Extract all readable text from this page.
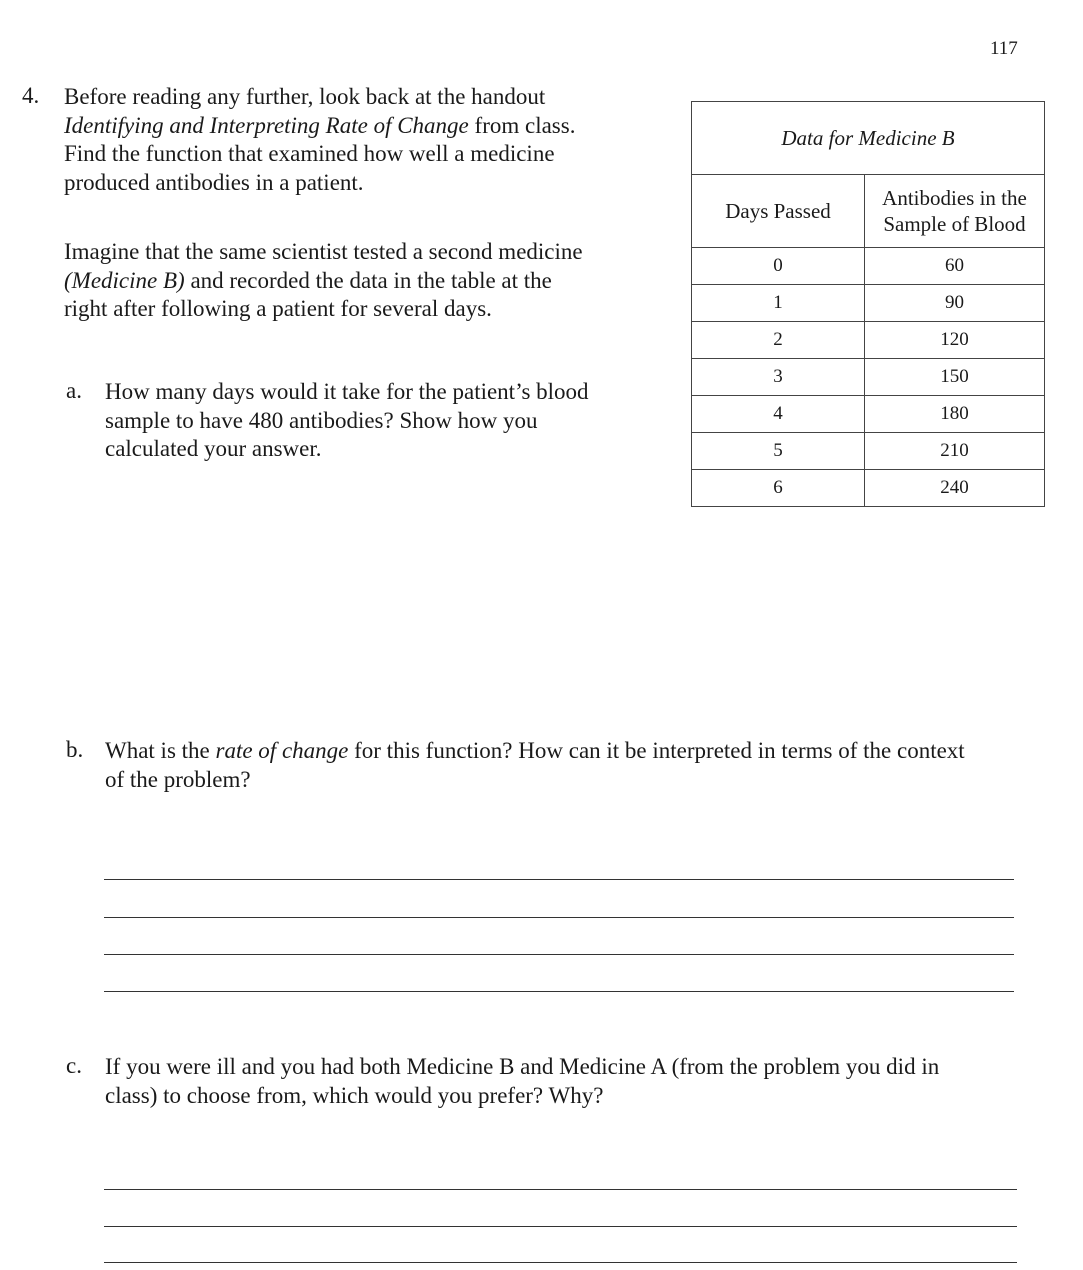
117
4. Before reading any further, look back at the handout
Identifying and Interpreting Rate of Change from class.
Find the function that examined how well a medicine
produced antibodies in a patient.
Imagine that the same scientist tested a second medicine
(Medicine B) and recorded the data in the table at the
right after following a patient for several days.
Data for Medicine B	
Days Passed	Antibodies in the
Sample of Blood

0	60
1	90
2	120
3	150
4	180
5	210
6	240
a. How many days would it take for the patient’s blood
sample to have 480 antibodies? Show how you
calculated your answer.
b. What is the rate of change for this function? How can it be interpreted in terms of the context
of the problem?
c. If you were ill and you had both Medicine B and Medicine A (from the problem you did in
class) to choose from, which would you prefer? Why?
